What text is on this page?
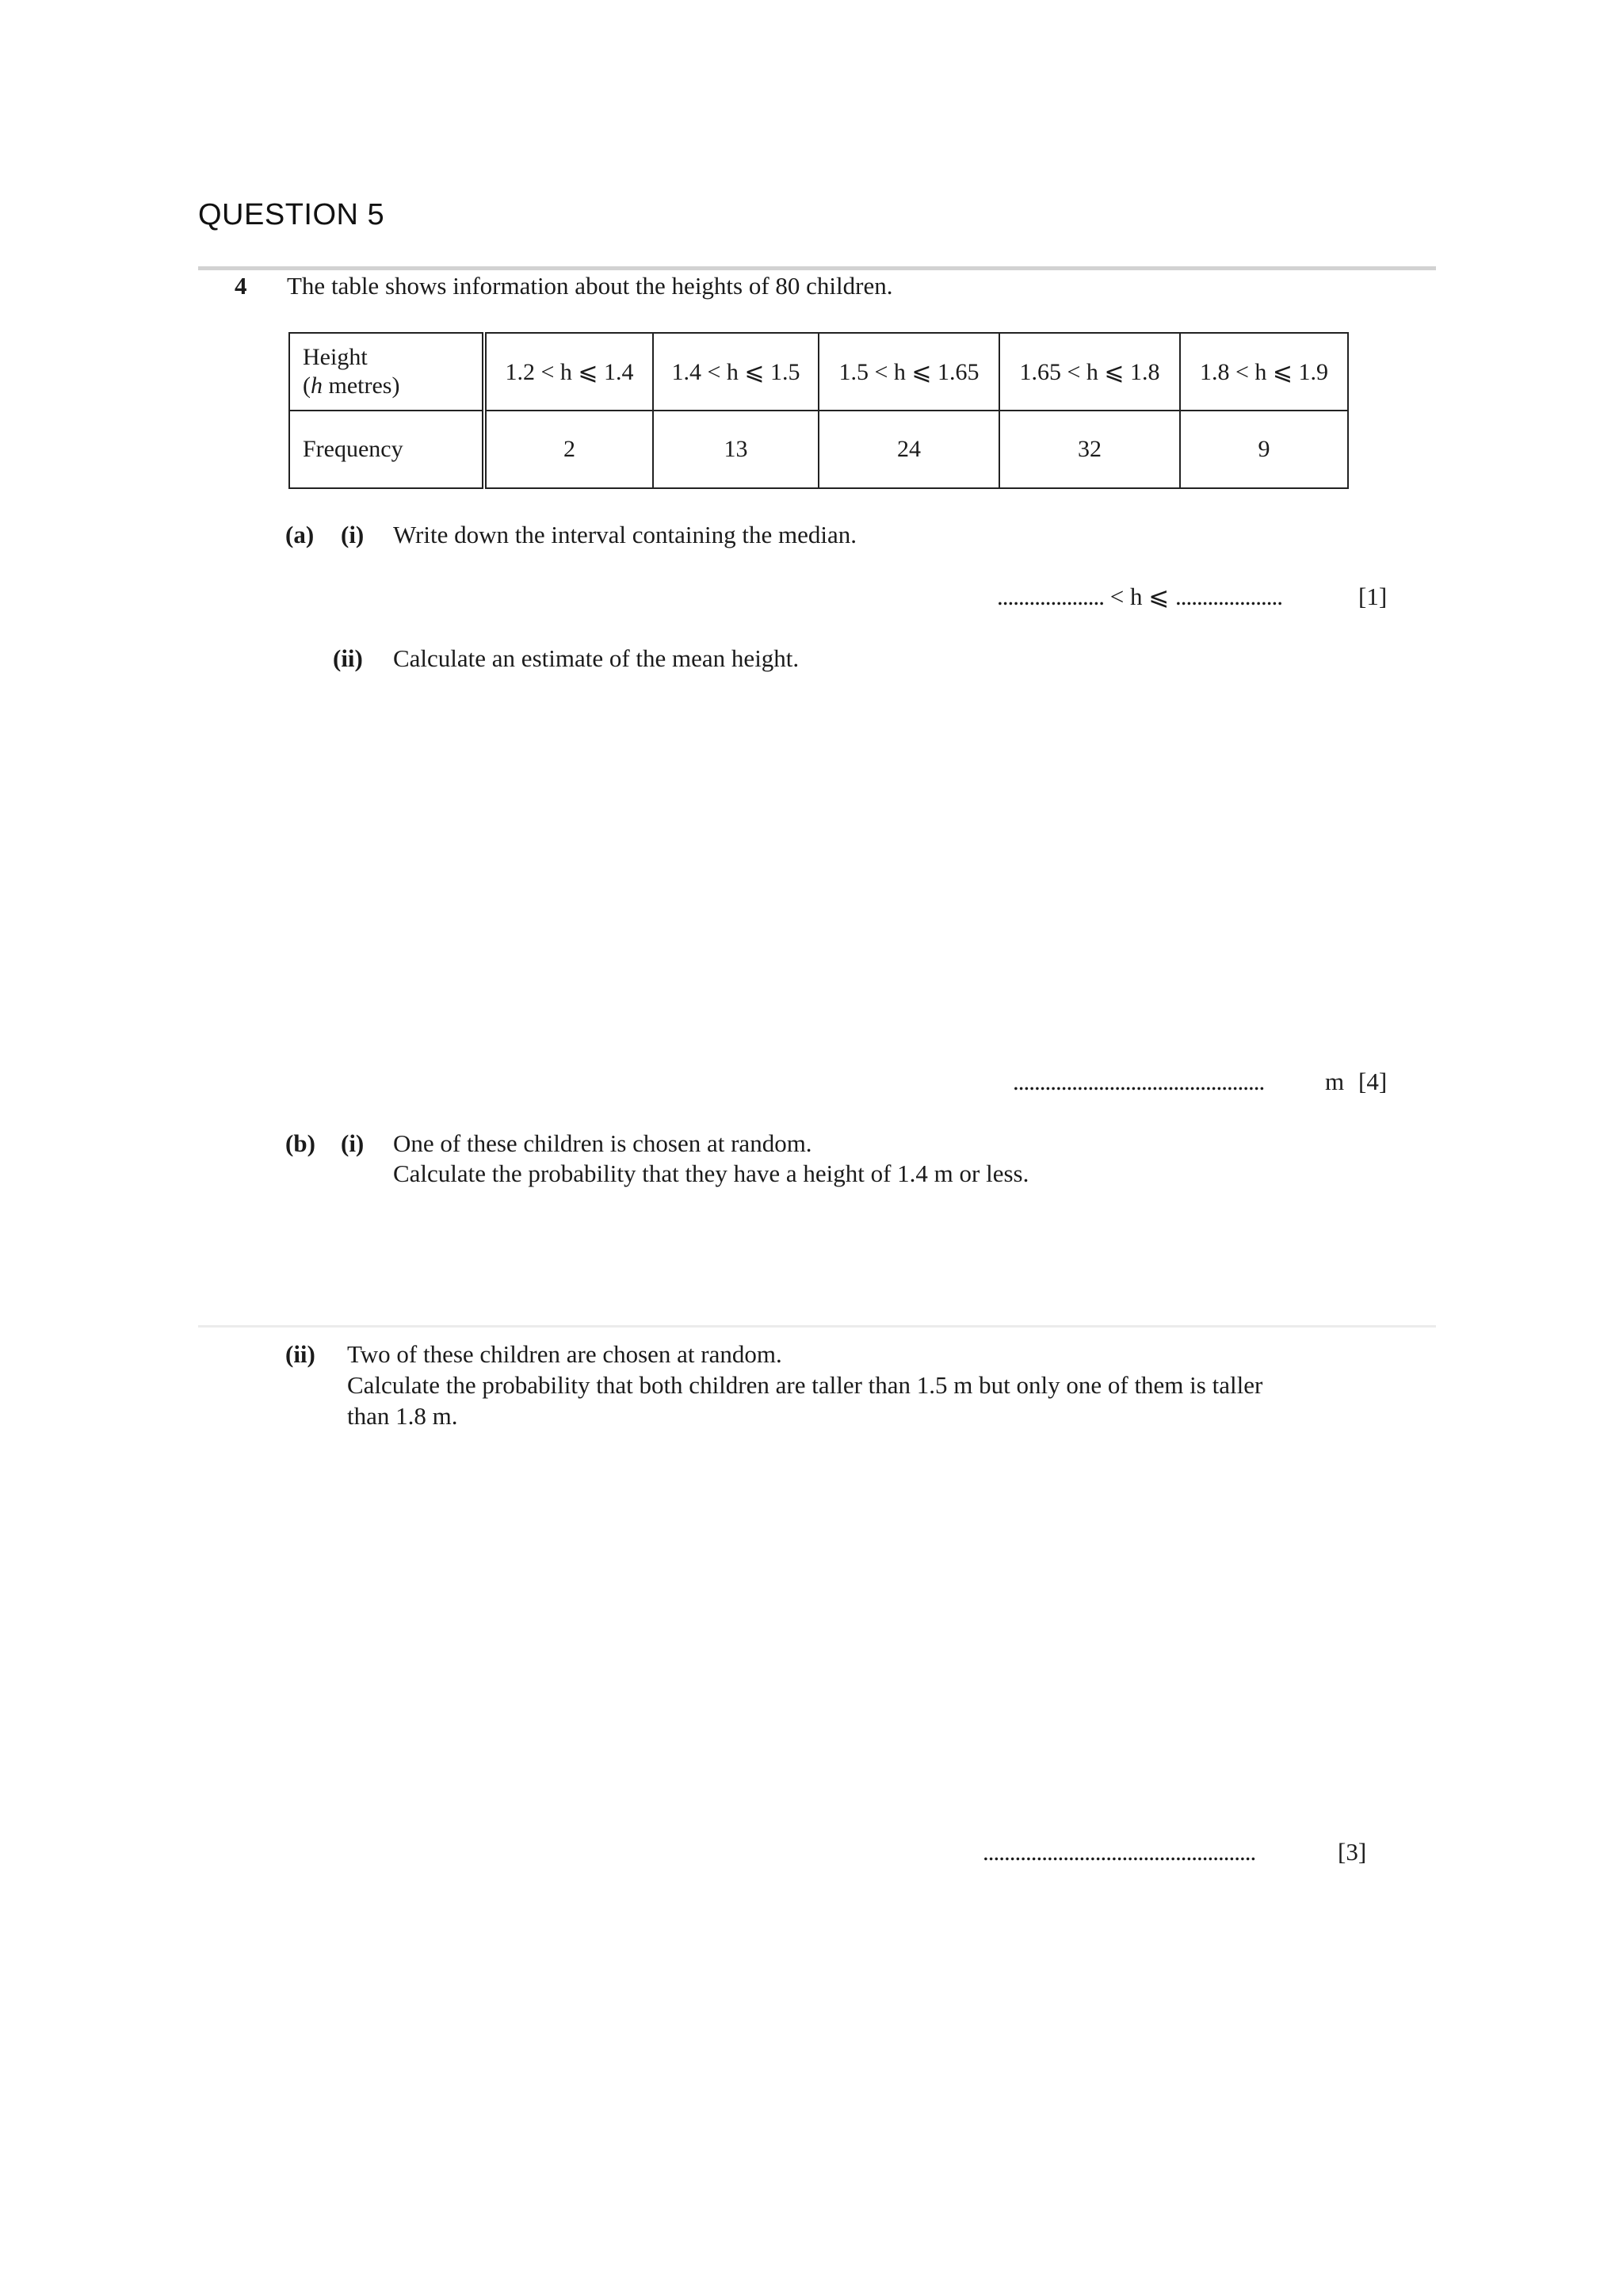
QUESTION 5
4 The table shows information about the heights of 80 children.
Height
(h metres)	1.2 < h ⩽ 1.4	1.4 < h ⩽ 1.5	1.5 < h ⩽ 1.65	1.65 < h ⩽ 1.8	1.8 < h ⩽ 1.9
Frequency	2	13	24	32	9
(a) (i) Write down the interval containing the median.
.................... < h ⩽ ....................	[1]
(ii) Calculate an estimate of the mean height.
............................................... m [4]
(b) (i) One of these children is chosen at random.
Calculate the probability that they have a height of 1.4 m or less.
(ii) Two of these children are chosen at random.
Calculate the probability that both children are taller than 1.5 m but only one of them is taller
than 1.8 m.
...................................................	[3]
